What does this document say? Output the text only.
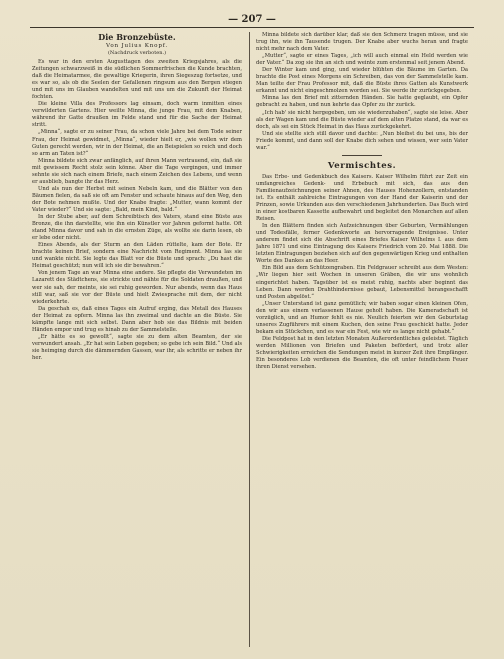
— 207 —

Die Bronzebüste.

Von Julius Knopf.

(Nachdruck verboten.)

Es war in den ersten Augusttagen des zweiten Kriegsjahres, als die Zeitungen schwarzweiß in die südlichen Sommerfrischen die Kunde brachten, daß die Heimatarmee, die gewaltige Kriegerin, ihren Siegeszug fortsetze, und es war so, als ob die Seelen der Gefallenen ringsum aus den Bergen stiegen und mit uns im Glauben wandelten und mit uns um die Zukunft der Heimat fochten.

Die kleine Villa des Professors lag einsam, doch warm inmitten eines verwilderten Gartens. Hier weilte Minna, die junge Frau, mit dem Knaben, während ihr Gatte draußen im Felde stand und für die Sache der Heimat stritt.

„Minna“, sagte er zu seiner Frau, da schon viele Jahre bei dem Tode seiner Frau, der Heimat gewidmet, „Minna“, wieder hielt er, „wie wollen wir dem Guten gerecht werden, wir in der Heimat, die an Beispielen so reich und doch so arm an Taten ist?“

Minna bildete sich zwar anfänglich, auf ihren Mann vertrauend, ein, daß sie mit gewissem Recht stolz sein könne. Aber die Tage vergingen, und immer sehnte sie sich nach einem Briefe, nach einem Zeichen des Lebens, und wenn er ausblieb, bangte ihr das Herz.

Und als nun der Herbst mit seinen Nebeln kam, und die Blätter von den Bäumen fielen, da saß sie oft am Fenster und schaute hinaus auf den Weg, den der Bote nehmen mußte. Und der Knabe fragte: „Mutter, wann kommt der Vater wieder?“ Und sie sagte: „Bald, mein Kind, bald.“

In der Stube aber, auf dem Schreibtisch des Vaters, stand eine Büste aus Bronze, die ihn darstellte, wie ihn ein Künstler vor Jahren geformt hatte. Oft stand Minna davor und sah in die ernsten Züge, als wollte sie darin lesen, ob er lebe oder nicht.

Eines Abends, als der Sturm an den Läden rüttelte, kam der Bote. Er brachte keinen Brief, sondern eine Nachricht vom Regiment. Minna las sie und wankte nicht. Sie legte das Blatt vor die Büste und sprach: „Du hast die Heimat geschützt; nun will ich sie dir bewahren.“

Von jenem Tage an war Minna eine andere. Sie pflegte die Verwundeten im Lazarett des Städtchens, sie strickte und nähte für die Soldaten draußen, und wer sie sah, der meinte, sie sei ruhig geworden. Nur abends, wenn das Haus still war, saß sie vor der Büste und hielt Zwiesprache mit dem, der nicht wiederkehrte.

Da geschah es, daß eines Tages ein Aufruf erging, das Metall des Hauses der Heimat zu opfern. Minna las ihn zweimal und dachte an die Büste. Sie kämpfte lange mit sich selbst. Dann aber hob sie das Bildnis mit beiden Händen empor und trug es hinab zu der Sammelstelle.

„Er hätte es so gewollt“, sagte sie zu dem alten Beamten, der sie verwundert ansah. „Er hat sein Leben gegeben; so gebe ich sein Bild.“ Und als sie heimging durch die dämmernden Gassen, war ihr, als schritte er neben ihr her.

Minna bildete sich darüber klar, daß sie den Schmerz tragen müsse, und sie trug ihn, wie ihn Tausende trugen. Der Knabe aber wuchs heran und fragte nicht mehr nach dem Vater.

„Mutter“, sagte er eines Tages, „ich will auch einmal ein Held werden wie der Vater.“ Da zog sie ihn an sich und weinte zum erstenmal seit jenem Abend.

Der Winter kam und ging, und wieder blühten die Bäume im Garten. Da brachte die Post eines Morgens ein Schreiben, das von der Sammelstelle kam. Man teilte der Frau Professor mit, daß die Büste ihres Gatten als Kunstwerk erkannt und nicht eingeschmolzen worden sei. Sie werde ihr zurückgegeben.

Minna las den Brief mit zitternden Händen. Sie hatte geglaubt, ein Opfer gebracht zu haben, und nun kehrte das Opfer zu ihr zurück.

„Ich hab' sie nicht hergegeben, um sie wiederzuhaben“, sagte sie leise. Aber als der Wagen kam und die Büste wieder auf dem alten Platze stand, da war es doch, als sei ein Stück Heimat in das Haus zurückgekehrt.

Und sie stellte sich still davor und dachte: „Nun bleibst du bei uns, bis der Friede kommt, und dann soll der Knabe dich sehen und wissen, wer sein Vater war.“

Vermischtes.

Das Erbe- und Gedenkbuch des Kaisers. Kaiser Wilhelm führt zur Zeit ein umfangreiches Gedenk- und Erbebuch mit sich, das aus den Familienaufzeichnungen seiner Ahnen, des Hauses Hohenzollern, entstanden ist. Es enthält zahlreiche Eintragungen von der Hand der Kaiserin und der Prinzen, sowie Urkunden aus den verschiedenen Jahrhunderten. Das Buch wird in einer kostbaren Kassette aufbewahrt und begleitet den Monarchen auf allen Reisen.

In den Blättern finden sich Aufzeichnungen über Geburten, Vermählungen und Todesfälle, ferner Gedenkworte an hervorragende Ereignisse. Unter anderem findet sich die Abschrift eines Briefes Kaiser Wilhelms I. aus dem Jahre 1871 und eine Eintragung des Kaisers Friedrich vom 20. Mai 1888. Die letzten Eintragungen beziehen sich auf den gegenwärtigen Krieg und enthalten Worte des Dankes an das Heer.

Ein Bild aus dem Schützengraben. Ein Feldgrauer schreibt aus dem Westen: „Wir liegen hier seit Wochen in unseren Gräben, die wir uns wohnlich eingerichtet haben. Tagsüber ist es meist ruhig, nachts aber beginnt das Leben. Dann werden Drahthindernisse gebaut, Lebensmittel herangeschafft und Posten abgelöst.“

„Unser Unterstand ist ganz gemütlich; wir haben sogar einen kleinen Ofen, den wir aus einem verlassenen Hause geholt haben. Die Kameradschaft ist vorzüglich, und an Humor fehlt es nie. Neulich feierten wir den Geburtstag unseres Zugführers mit einem Kuchen, den seine Frau geschickt hatte. Jeder bekam ein Stückchen, und es war ein Fest, wie wir es lange nicht gehabt.“

Die Feldpost hat in den letzten Monaten Außerordentliches geleistet. Täglich werden Millionen von Briefen und Paketen befördert, und trotz aller Schwierigkeiten erreichen die Sendungen meist in kurzer Zeit ihre Empfänger. Ein besonderes Lob verdienen die Beamten, die oft unter feindlichem Feuer ihren Dienst versehen.
